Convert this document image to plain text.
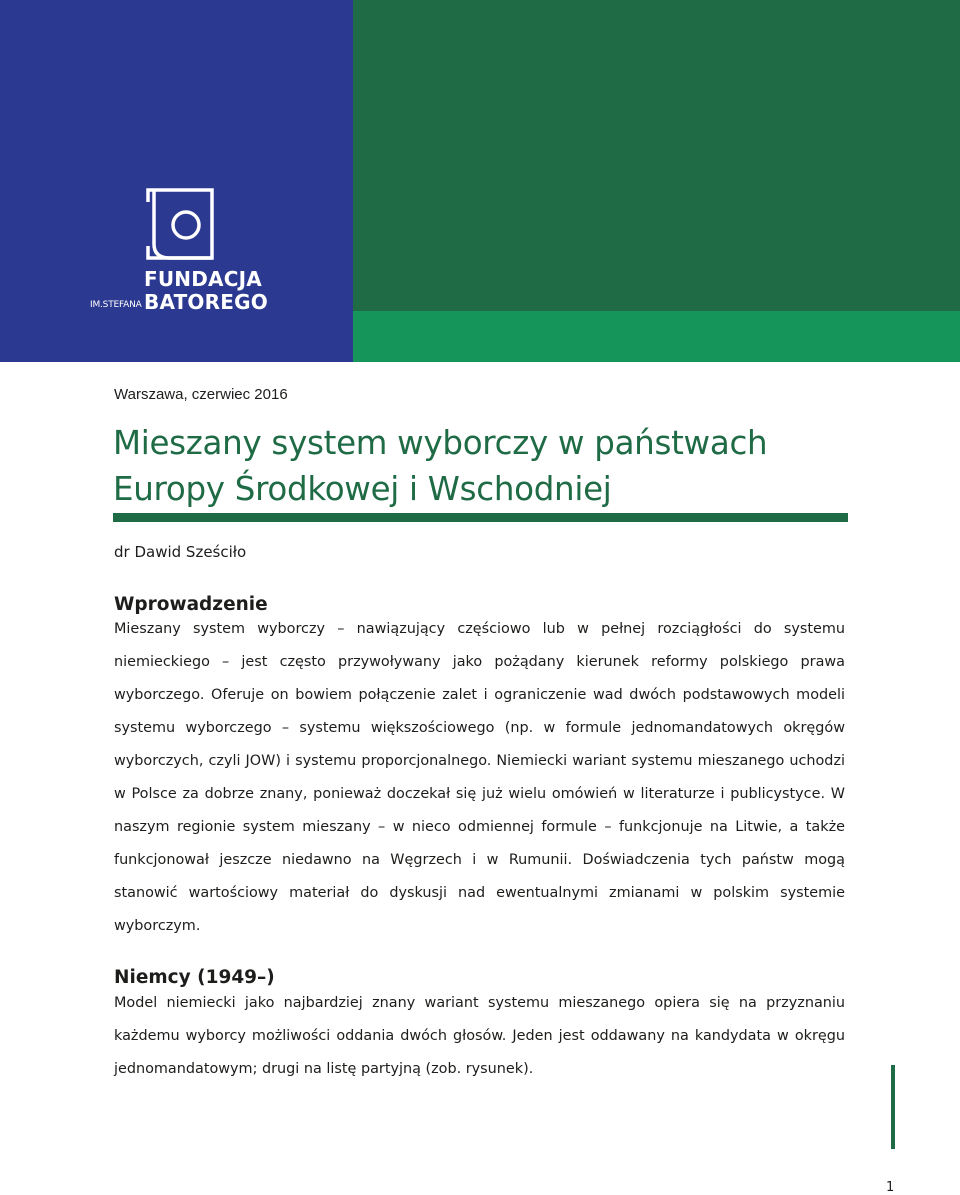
FUNDACJA
BATOREGO
IM.STEFANA
Warszawa, czerwiec 2016
Mieszany system wyborczy w państwach Europy Środkowej i Wschodniej
dr Dawid Sześciło
Wprowadzenie

Mieszany system wyborczy – nawiązujący częściowo lub w pełnej rozciągłości do systemu niemieckiego – jest często przywoływany jako pożądany kierunek reformy polskiego prawa wyborczego. Oferuje on bowiem połączenie zalet i ograniczenie wad dwóch podstawowych modeli systemu wyborczego – systemu większościowego (np. w formule jednomandatowych okręgów wyborczych, czyli JOW) i systemu proporcjonalnego. Niemiecki wariant systemu mieszanego uchodzi w Polsce za dobrze znany, ponieważ doczekał się już wielu omówień w literaturze i publicystyce. W naszym regionie system mieszany – w nieco odmiennej formule – funkcjonuje na Litwie, a także funkcjonował jeszcze niedawno na Węgrzech i w Rumunii. Doświadczenia tych państw mogą stanowić wartościowy materiał do dyskusji nad ewentualnymi zmianami w polskim systemie wyborczym.

Niemcy (1949–)

Model niemiecki jako najbardziej znany wariant systemu mieszanego opiera się na przyznaniu każdemu wyborcy możliwości oddania dwóch głosów. Jeden jest oddawany na kandydata w okręgu jednomandatowym; drugi na listę partyjną (zob. rysunek).

1
